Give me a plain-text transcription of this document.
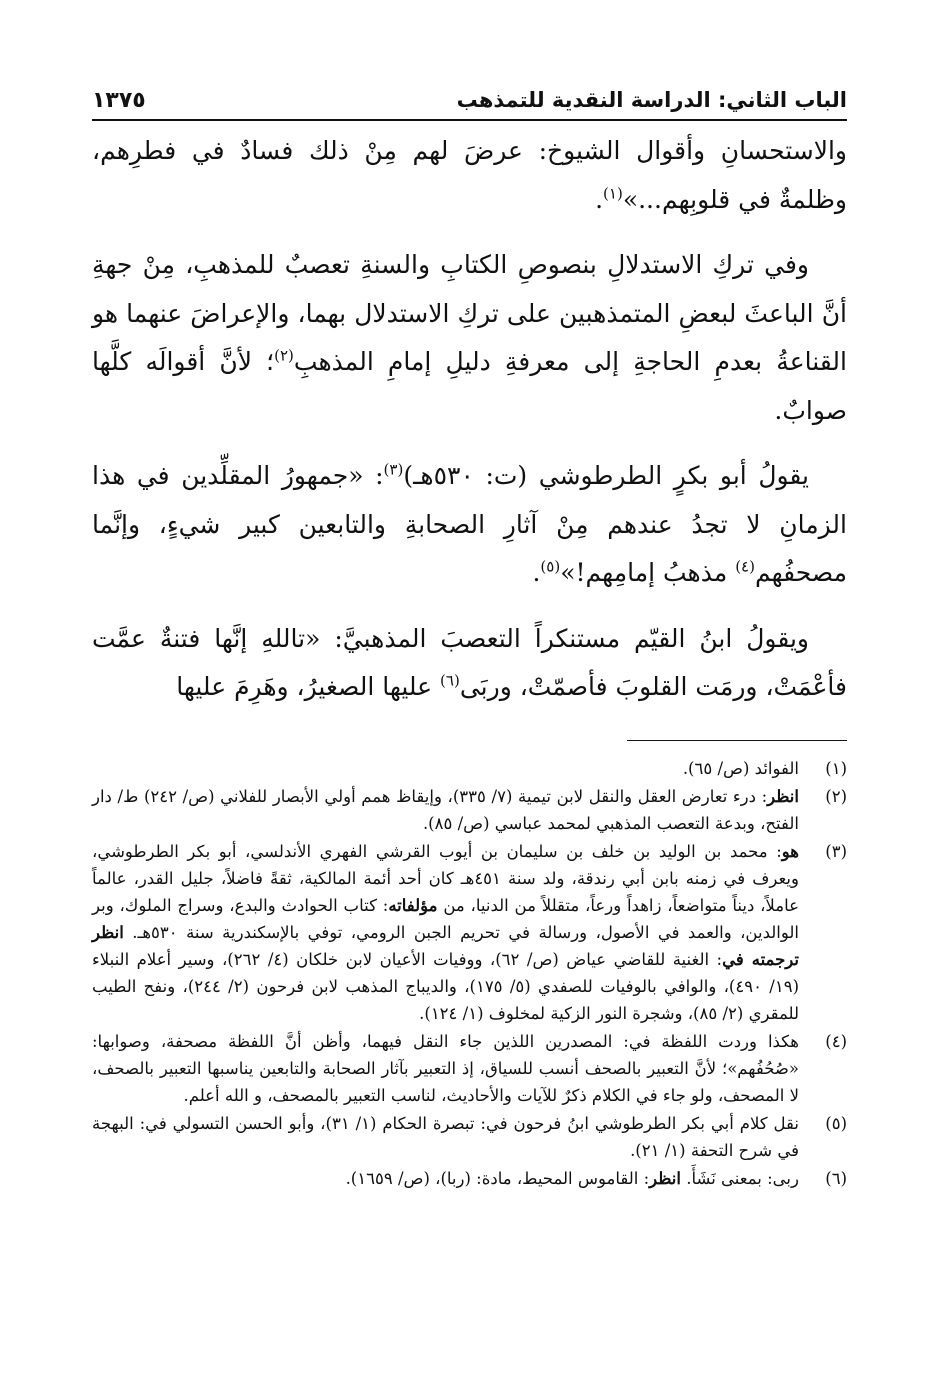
الباب الثاني: الدراسة النقدية للتمذهب
١٣٧٥

والاستحسانِ وأقوال الشيوخ: عرضَ لهم مِنْ ذلك فسادٌ في فطرِهم، وظلمةٌ في قلوبِهم...»$^{(١)}$.

وفي تركِ الاستدلالِ بنصوصِ الكتابِ والسنةِ تعصبٌ للمذهبِ، مِنْ جهةِ أنَّ الباعثَ لبعضِ المتمذهبين على تركِ الاستدلال بهما، والإعراضَ عنهما هو القناعةُ بعدمِ الحاجةِ إلى معرفةِ دليلِ إمامِ المذهبِ$^{(٢)}$؛ لأنَّ أقوالَه كلَّها صوابٌ.

يقولُ أبو بكرٍ الطرطوشي (ت: ٥٣٠هـ)$^{(٣)}$: «جمهورُ المقلِّدين في هذا الزمانِ لا تجدُ عندهم مِنْ آثارِ الصحابةِ والتابعين كبير شيءٍ، وإنَّما مصحفُهم$^{(٤)}$ مذهبُ إمامِهم!»$^{(٥)}$.

ويقولُ ابنُ القيّم مستنكراً التعصبَ المذهبيَّ: «تاللهِ إنَّها فتنةٌ عمَّت فأعْمَتْ، ورمَت القلوبَ فأصمّتْ، وربَى$^{(٦)}$ عليها الصغيرُ، وهَرِمَ عليها

(١)
الفوائد (ص/ ٦٥).
(٢)
انظر: درء تعارض العقل والنقل لابن تيمية (٧/ ٣٣٥)، وإيقاظ همم أولي الأبصار للفلاني (ص/ ٢٤٢) ط/ دار الفتح، وبدعة التعصب المذهبي لمحمد عباسي (ص/ ٨٥).
(٣)
هو: محمد بن الوليد بن خلف بن سليمان بن أيوب القرشي الفهري الأندلسي، أبو بكر الطرطوشي، ويعرف في زمنه بابن أبي رندقة، ولد سنة ٤٥١هـ كان أحد أئمة المالكية، ثقةً فاضلاً، جليل القدر، عالماً عاملاً، ديناً متواضعاً، زاهداً ورعاً، متقللاً من الدنيا، من مؤلفاته: كتاب الحوادث والبدع، وسراج الملوك، وبر الوالدين، والعمد في الأصول، ورسالة في تحريم الجبن الرومي، توفي بالإسكندرية سنة ٥٣٠هـ. انظر ترجمته في: الغنية للقاضي عياض (ص/ ٦٢)، ووفيات الأعيان لابن خلكان (٤/ ٢٦٢)، وسير أعلام النبلاء (١٩/ ٤٩٠)، والوافي بالوفيات للصفدي (٥/ ١٧٥)، والديباج المذهب لابن فرحون (٢/ ٢٤٤)، ونفح الطيب للمقري (٢/ ٨٥)، وشجرة النور الزكية لمخلوف (١/ ١٢٤).
(٤)
هكذا وردت اللفظة في: المصدرين اللذين جاء النقل فيهما، وأظن أنَّ اللفظة مصحفة، وصوابها: «صُحُفُهم»؛ لأنَّ التعبير بالصحف أنسب للسياق، إذ التعبير بآثار الصحابة والتابعين يناسبها التعبير بالصحف، لا المصحف، ولو جاء في الكلام ذكرٌ للآيات والأحاديث، لناسب التعبير بالمصحف، و الله أعلم.
(٥)
نقل كلام أبي بكر الطرطوشي ابنُ فرحون في: تبصرة الحكام (١/ ٣١)، وأبو الحسن التسولي في: البهجة في شرح التحفة (١/ ٢١).
(٦)
ربى: بمعنى نَشَأَ. انظر: القاموس المحيط، مادة: (ربا)، (ص/ ١٦٥٩).
